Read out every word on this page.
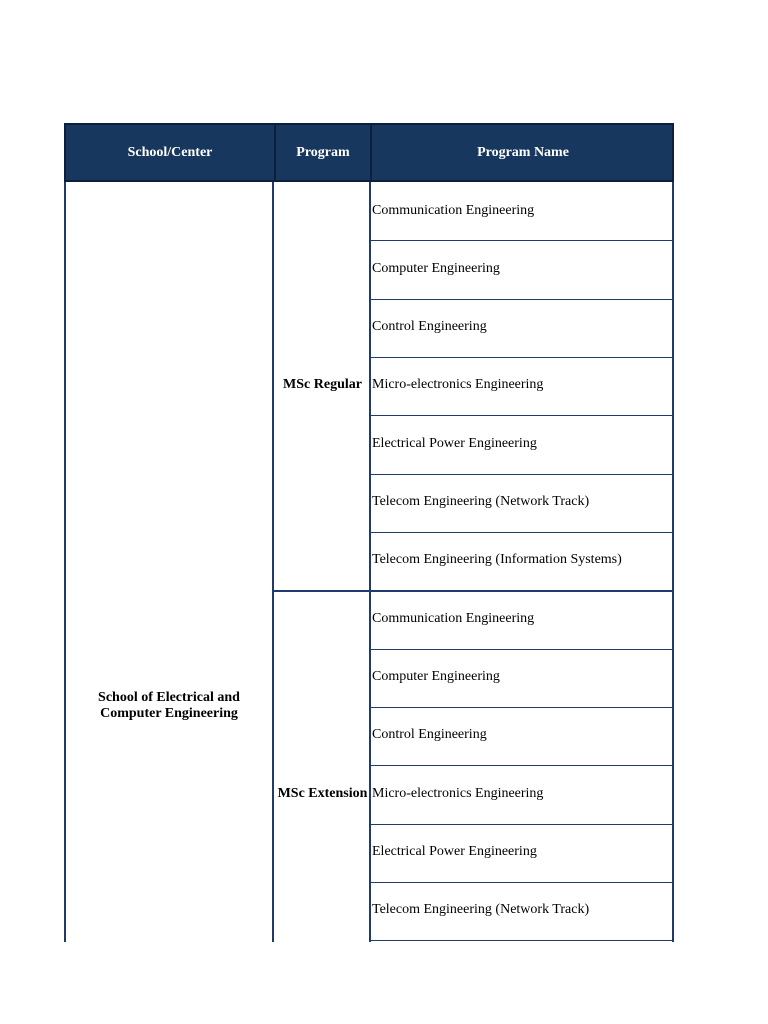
School/Center	Program	Program Name
School of Electrical and Computer Engineering
MSc Regular
MSc Extension
Communication Engineering
Computer Engineering
Control Engineering
Micro-electronics Engineering
Electrical Power Engineering
Telecom Engineering (Network Track)
Telecom Engineering (Information Systems)
Communication Engineering
Computer Engineering
Control Engineering
Micro-electronics Engineering
Electrical Power Engineering
Telecom Engineering (Network Track)
